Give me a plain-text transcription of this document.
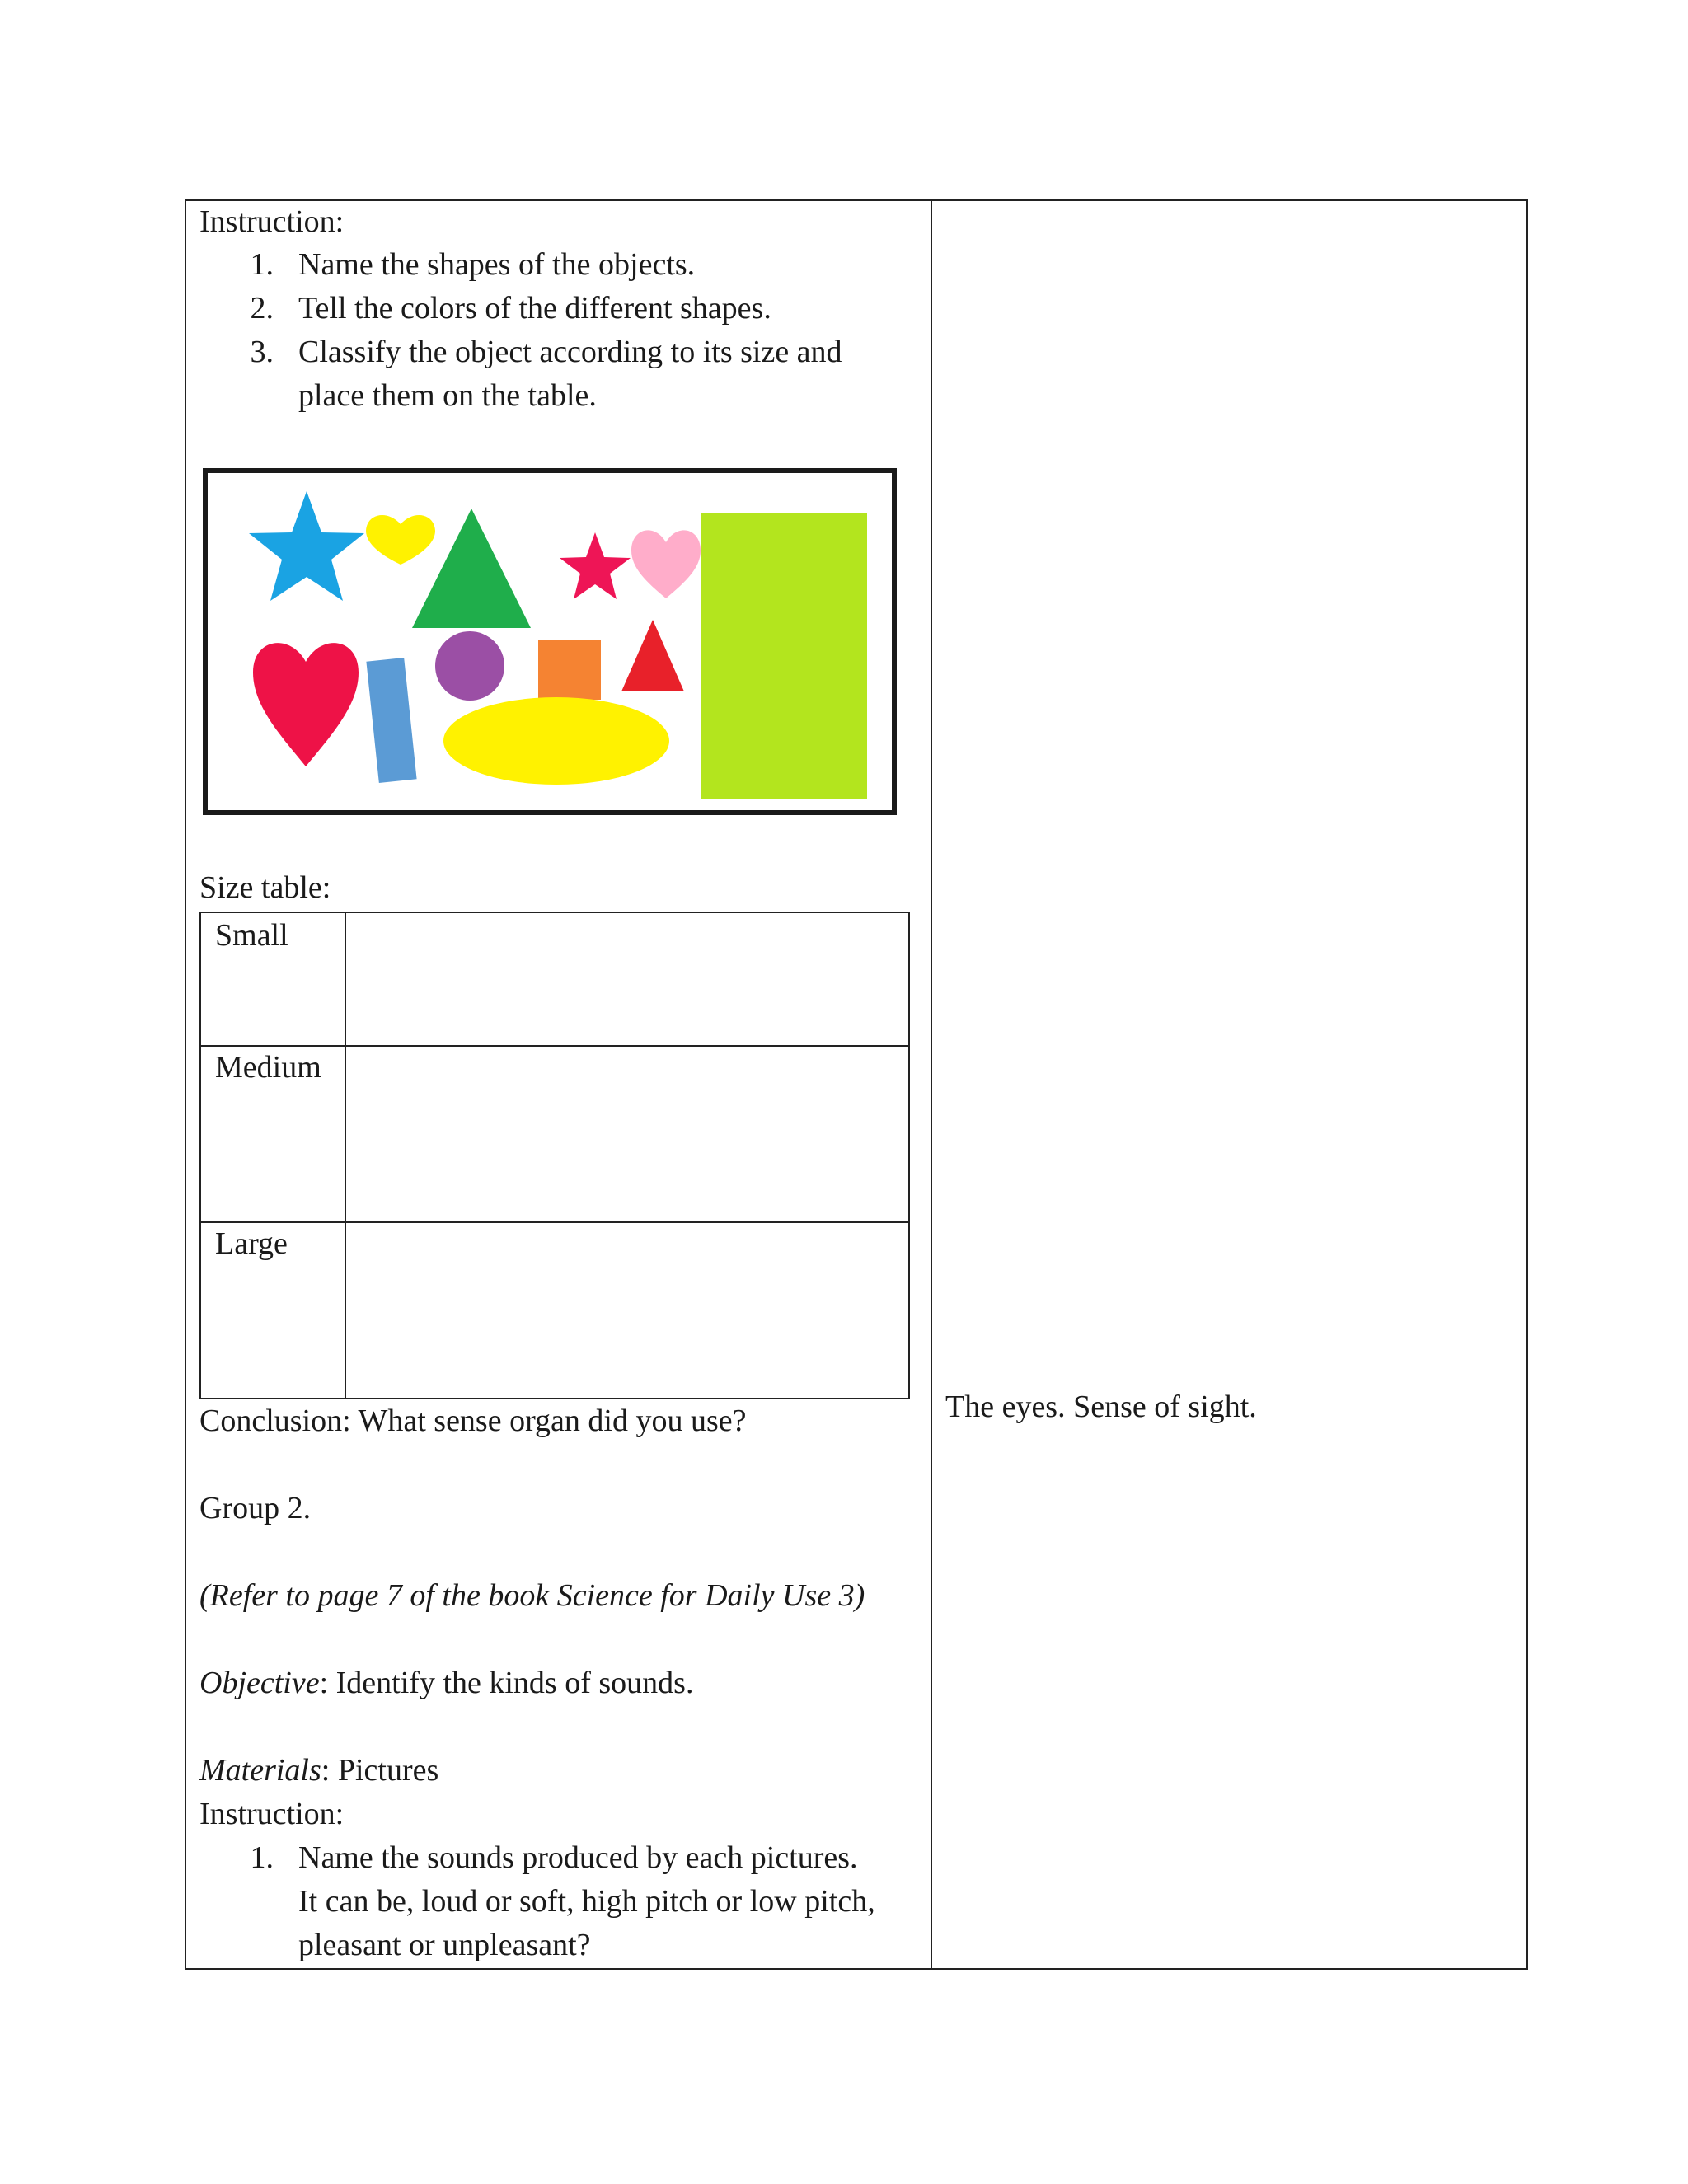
Instruction:
1. Name the shapes of the objects.
2. Tell the colors of the different shapes.
3. Classify the object according to its size and
place them on the table.
Size table:
Small
Medium
Large
Conclusion: What sense organ did you use?
Group 2.
(Refer to page 7 of the book Science for Daily Use 3)
Objective: Identify the kinds of sounds.
Materials: Pictures
Instruction:
1. Name the sounds produced by each pictures.
It can be, loud or soft, high pitch or low pitch,
pleasant or unpleasant?
The eyes. Sense of sight.
